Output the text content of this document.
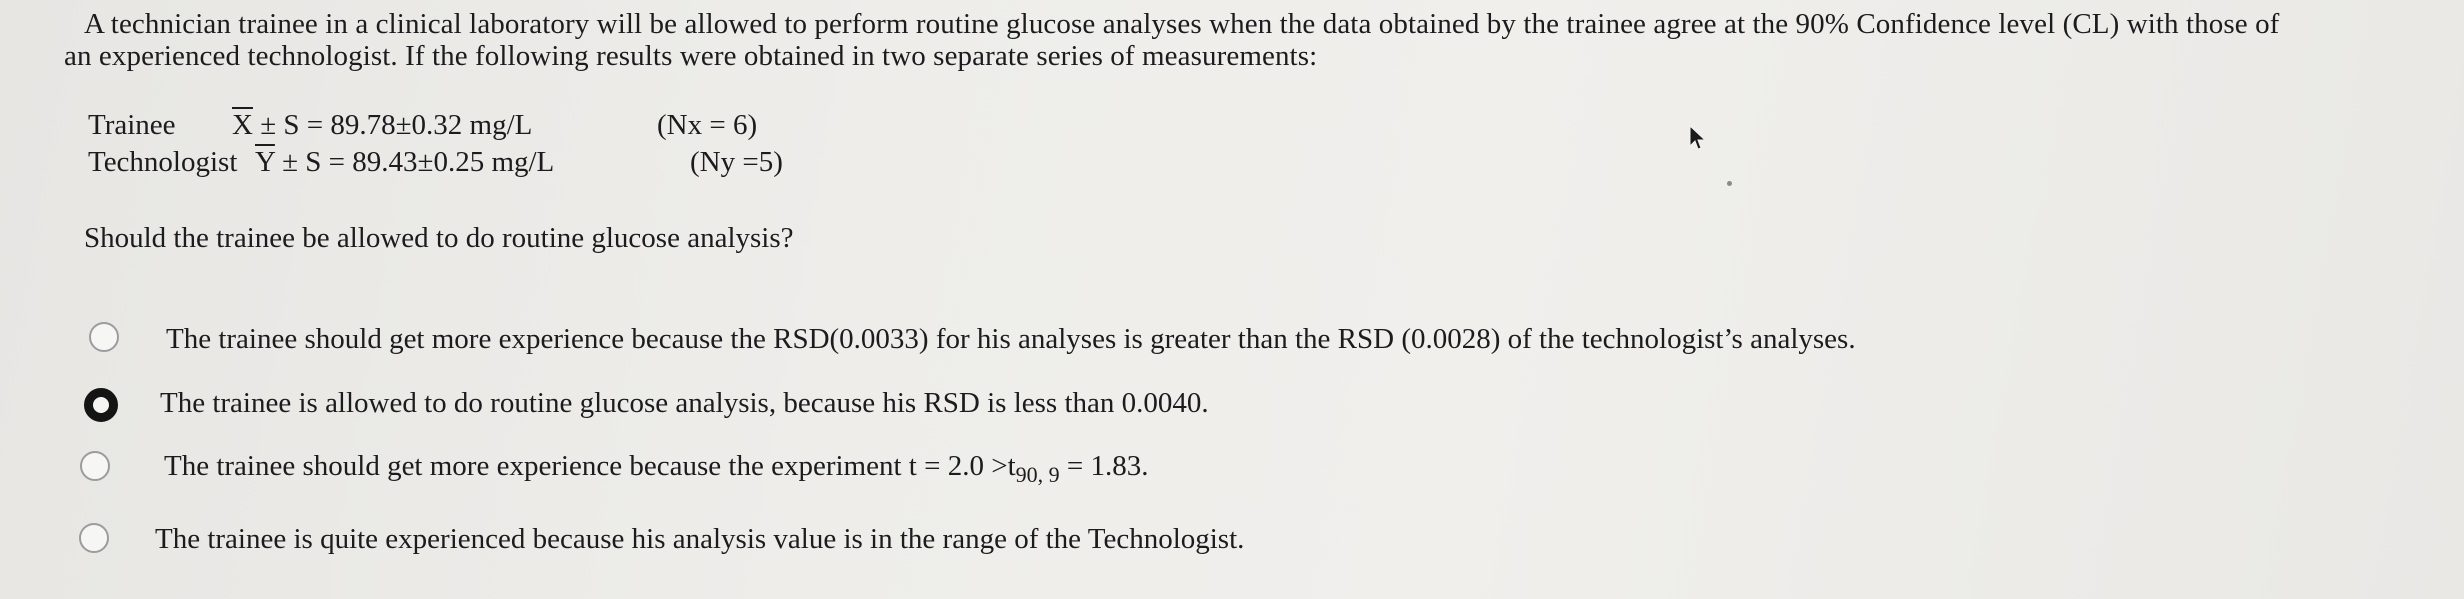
A technician trainee in a clinical laboratory will be allowed to perform routine glucose analyses when the data obtained by the trainee agree at the 90% Confidence level (CL) with those of
an experienced technologist. If the following results were obtained in two separate series of measurements:
Trainee $\overline{X} \pm S = 89.78\pm 0.32$ mg/L	(Nx = 6)
Technologist $\overline{Y} \pm S = 89.43\pm 0.25$ mg/L	(Ny =5)
Should the trainee be allowed to do routine glucose analysis?
The trainee should get more experience because the RSD(0.0033) for his analyses is greater than the RSD (0.0028) of the technologist’s analyses.
The trainee is allowed to do routine glucose analysis, because his RSD is less than 0.0040.
The trainee should get more experience because the experiment $t = 2.0 >t_{90, 9} = 1.83$.
The trainee is quite experienced because his analysis value is in the range of the Technologist.
